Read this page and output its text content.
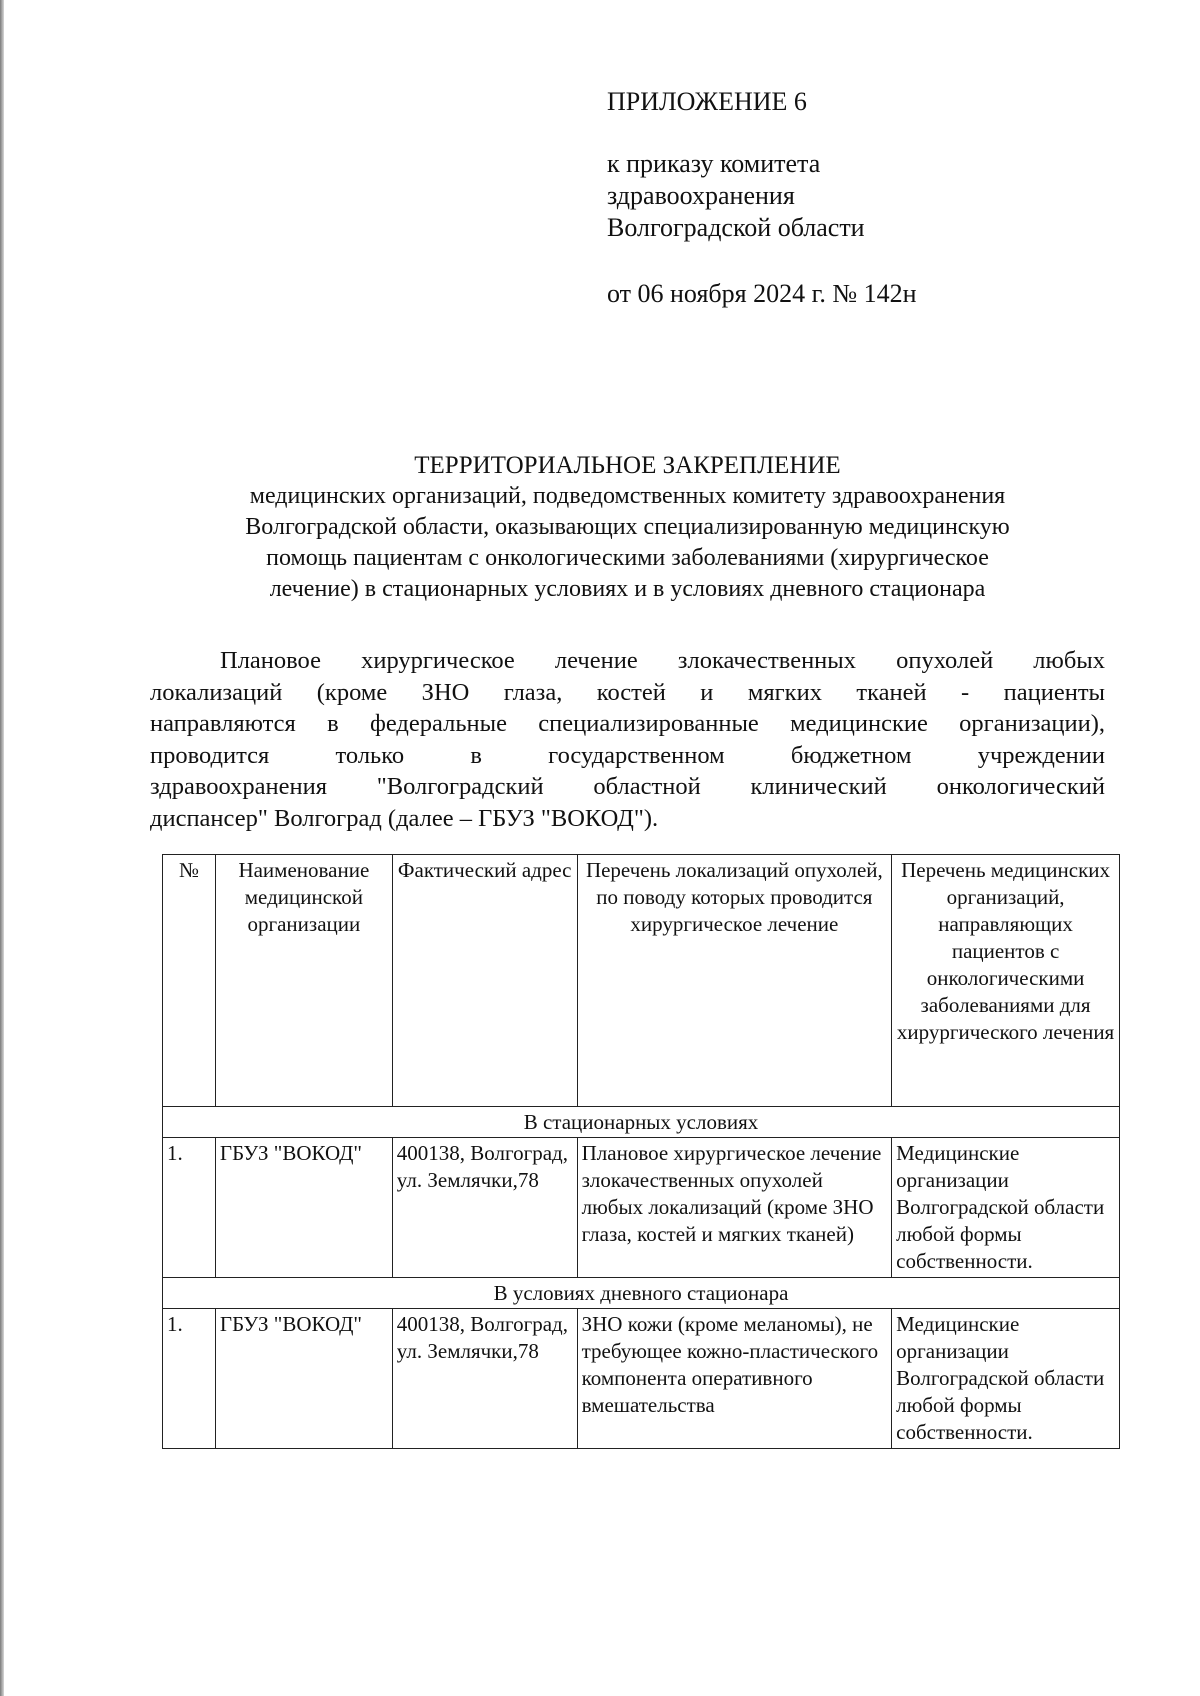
ПРИЛОЖЕНИЕ 6
к приказу комитета
здравоохранения
Волгоградской области
от 06 ноября 2024 г. № 142н
ТЕРРИТОРИАЛЬНОЕ ЗАКРЕПЛЕНИЕ
медицинских организаций, подведомственных комитету здравоохранения
Волгоградской области, оказывающих специализированную медицинскую
помощь пациентам с онкологическими заболеваниями (хирургическое
лечение) в стационарных условиях и в условиях дневного стационара
Плановое хирургическое лечение злокачественных опухолей любых
локализаций (кроме ЗНО глаза, костей и мягких тканей - пациенты
направляются в федеральные специализированные медицинские организации),
проводится только в государственном бюджетном учреждении
здравоохранения "Волгоградский областной клинический онкологический
диспансер" Волгоград (далее – ГБУЗ "ВОКОД").
№	Наименование медицинской организации	Фактический адрес	Перечень локализаций опухолей, по поводу которых проводится хирургическое лечение	Перечень медицинских организаций, направляющих пациентов с онкологическими заболеваниями для хирургического лечения
В стационарных условиях				
1.	ГБУЗ "ВОКОД"	400138, Волгоград, ул. Землячки,78	Плановое хирургическое лечение злокачественных опухолей любых локализаций (кроме ЗНО глаза, костей и мягких тканей)	Медицинские организации Волгоградской области любой формы собственности.
В условиях дневного стационара				
1.	ГБУЗ "ВОКОД"	400138, Волгоград, ул. Землячки,78	ЗНО кожи (кроме меланомы), не требующее кожно-пластического компонента оперативного вмешательства	Медицинские организации Волгоградской области любой формы собственности.
